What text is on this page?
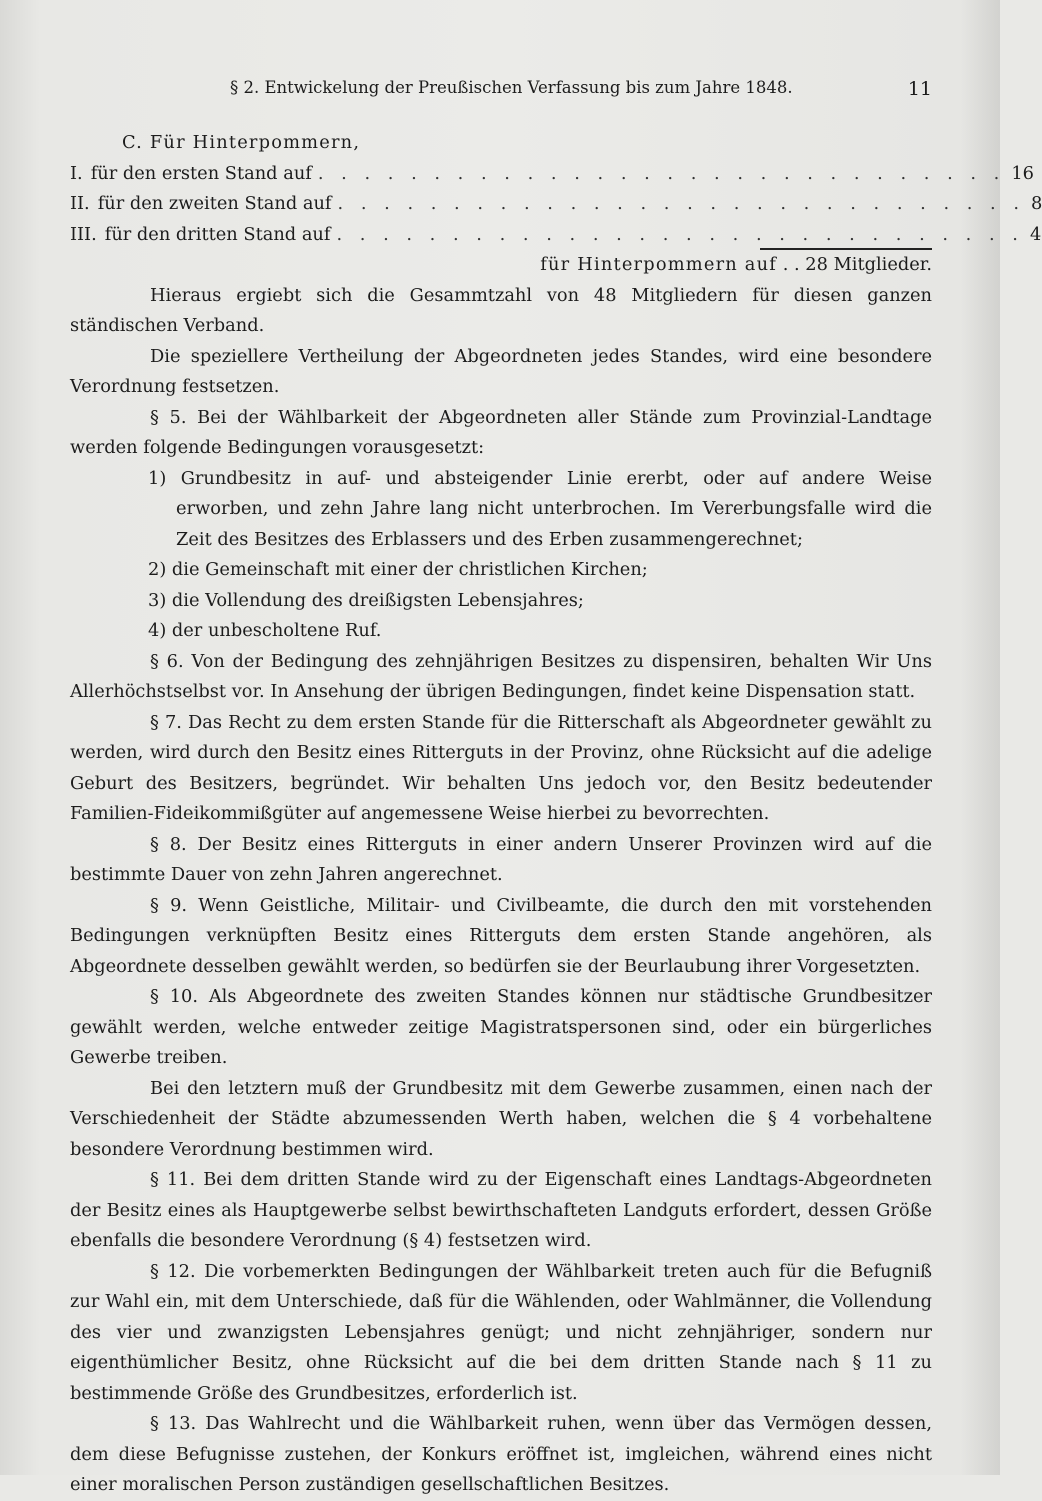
§ 2. Entwickelung der Preußischen Verfassung bis zum Jahre 1848.	11
C. Für Hinterpommern,
I. für den ersten Stand auf . . . . . . . . . . . . . . . . . . . . . . . . . . . . . . 16
II. für den zweiten Stand auf . . . . . . . . . . . . . . . . . . . . . . . . . . . . . . 8
III. für den dritten Stand auf . . . . . . . . . . . . . . . . . . . . . . . . . . . . . . 4
für Hinterpommern auf . . 28 Mitglieder.

Hieraus ergiebt sich die Gesammtzahl von 48 Mitgliedern für diesen ganzen ständischen Verband.

Die speziellere Vertheilung der Abgeordneten jedes Standes, wird eine besondere Verordnung festsetzen.

§ 5. Bei der Wählbarkeit der Abgeordneten aller Stände zum Provinzial-Landtage werden folgende Bedingungen vorausgesetzt:

1) Grundbesitz in auf- und absteigender Linie ererbt, oder auf andere Weise erworben, und zehn Jahre lang nicht unterbrochen. Im Vererbungsfalle wird die Zeit des Besitzes des Erblassers und des Erben zusammengerechnet;

2) die Gemeinschaft mit einer der christlichen Kirchen;

3) die Vollendung des dreißigsten Lebensjahres;

4) der unbescholtene Ruf.

§ 6. Von der Bedingung des zehnjährigen Besitzes zu dispensiren, behalten Wir Uns Allerhöchstselbst vor. In Ansehung der übrigen Bedingungen, findet keine Dispensation statt.

§ 7. Das Recht zu dem ersten Stande für die Ritterschaft als Abgeordneter gewählt zu werden, wird durch den Besitz eines Ritterguts in der Provinz, ohne Rücksicht auf die adelige Geburt des Besitzers, begründet. Wir behalten Uns jedoch vor, den Besitz bedeutender Familien-Fideikommißgüter auf angemessene Weise hierbei zu bevorrechten.

§ 8. Der Besitz eines Ritterguts in einer andern Unserer Provinzen wird auf die bestimmte Dauer von zehn Jahren angerechnet.

§ 9. Wenn Geistliche, Militair- und Civilbeamte, die durch den mit vorstehenden Bedingungen verknüpften Besitz eines Ritterguts dem ersten Stande angehören, als Abgeordnete desselben gewählt werden, so bedürfen sie der Beurlaubung ihrer Vorgesetzten.

§ 10. Als Abgeordnete des zweiten Standes können nur städtische Grundbesitzer gewählt werden, welche entweder zeitige Magistratspersonen sind, oder ein bürgerliches Gewerbe treiben.

Bei den letztern muß der Grundbesitz mit dem Gewerbe zusammen, einen nach der Verschiedenheit der Städte abzumessenden Werth haben, welchen die § 4 vorbehaltene besondere Verordnung bestimmen wird.

§ 11. Bei dem dritten Stande wird zu der Eigenschaft eines Landtags-Abgeordneten der Besitz eines als Hauptgewerbe selbst bewirthschafteten Landguts erfordert, dessen Größe ebenfalls die besondere Verordnung (§ 4) festsetzen wird.

§ 12. Die vorbemerkten Bedingungen der Wählbarkeit treten auch für die Befugniß zur Wahl ein, mit dem Unterschiede, daß für die Wählenden, oder Wahlmänner, die Vollendung des vier und zwanzigsten Lebensjahres genügt; und nicht zehnjähriger, sondern nur eigenthümlicher Besitz, ohne Rücksicht auf die bei dem dritten Stande nach § 11 zu bestimmende Größe des Grundbesitzes, erforderlich ist.

§ 13. Das Wahlrecht und die Wählbarkeit ruhen, wenn über das Vermögen dessen, dem diese Befugnisse zustehen, der Konkurs eröffnet ist, imgleichen, während eines nicht einer moralischen Person zuständigen gesellschaftlichen Besitzes.
